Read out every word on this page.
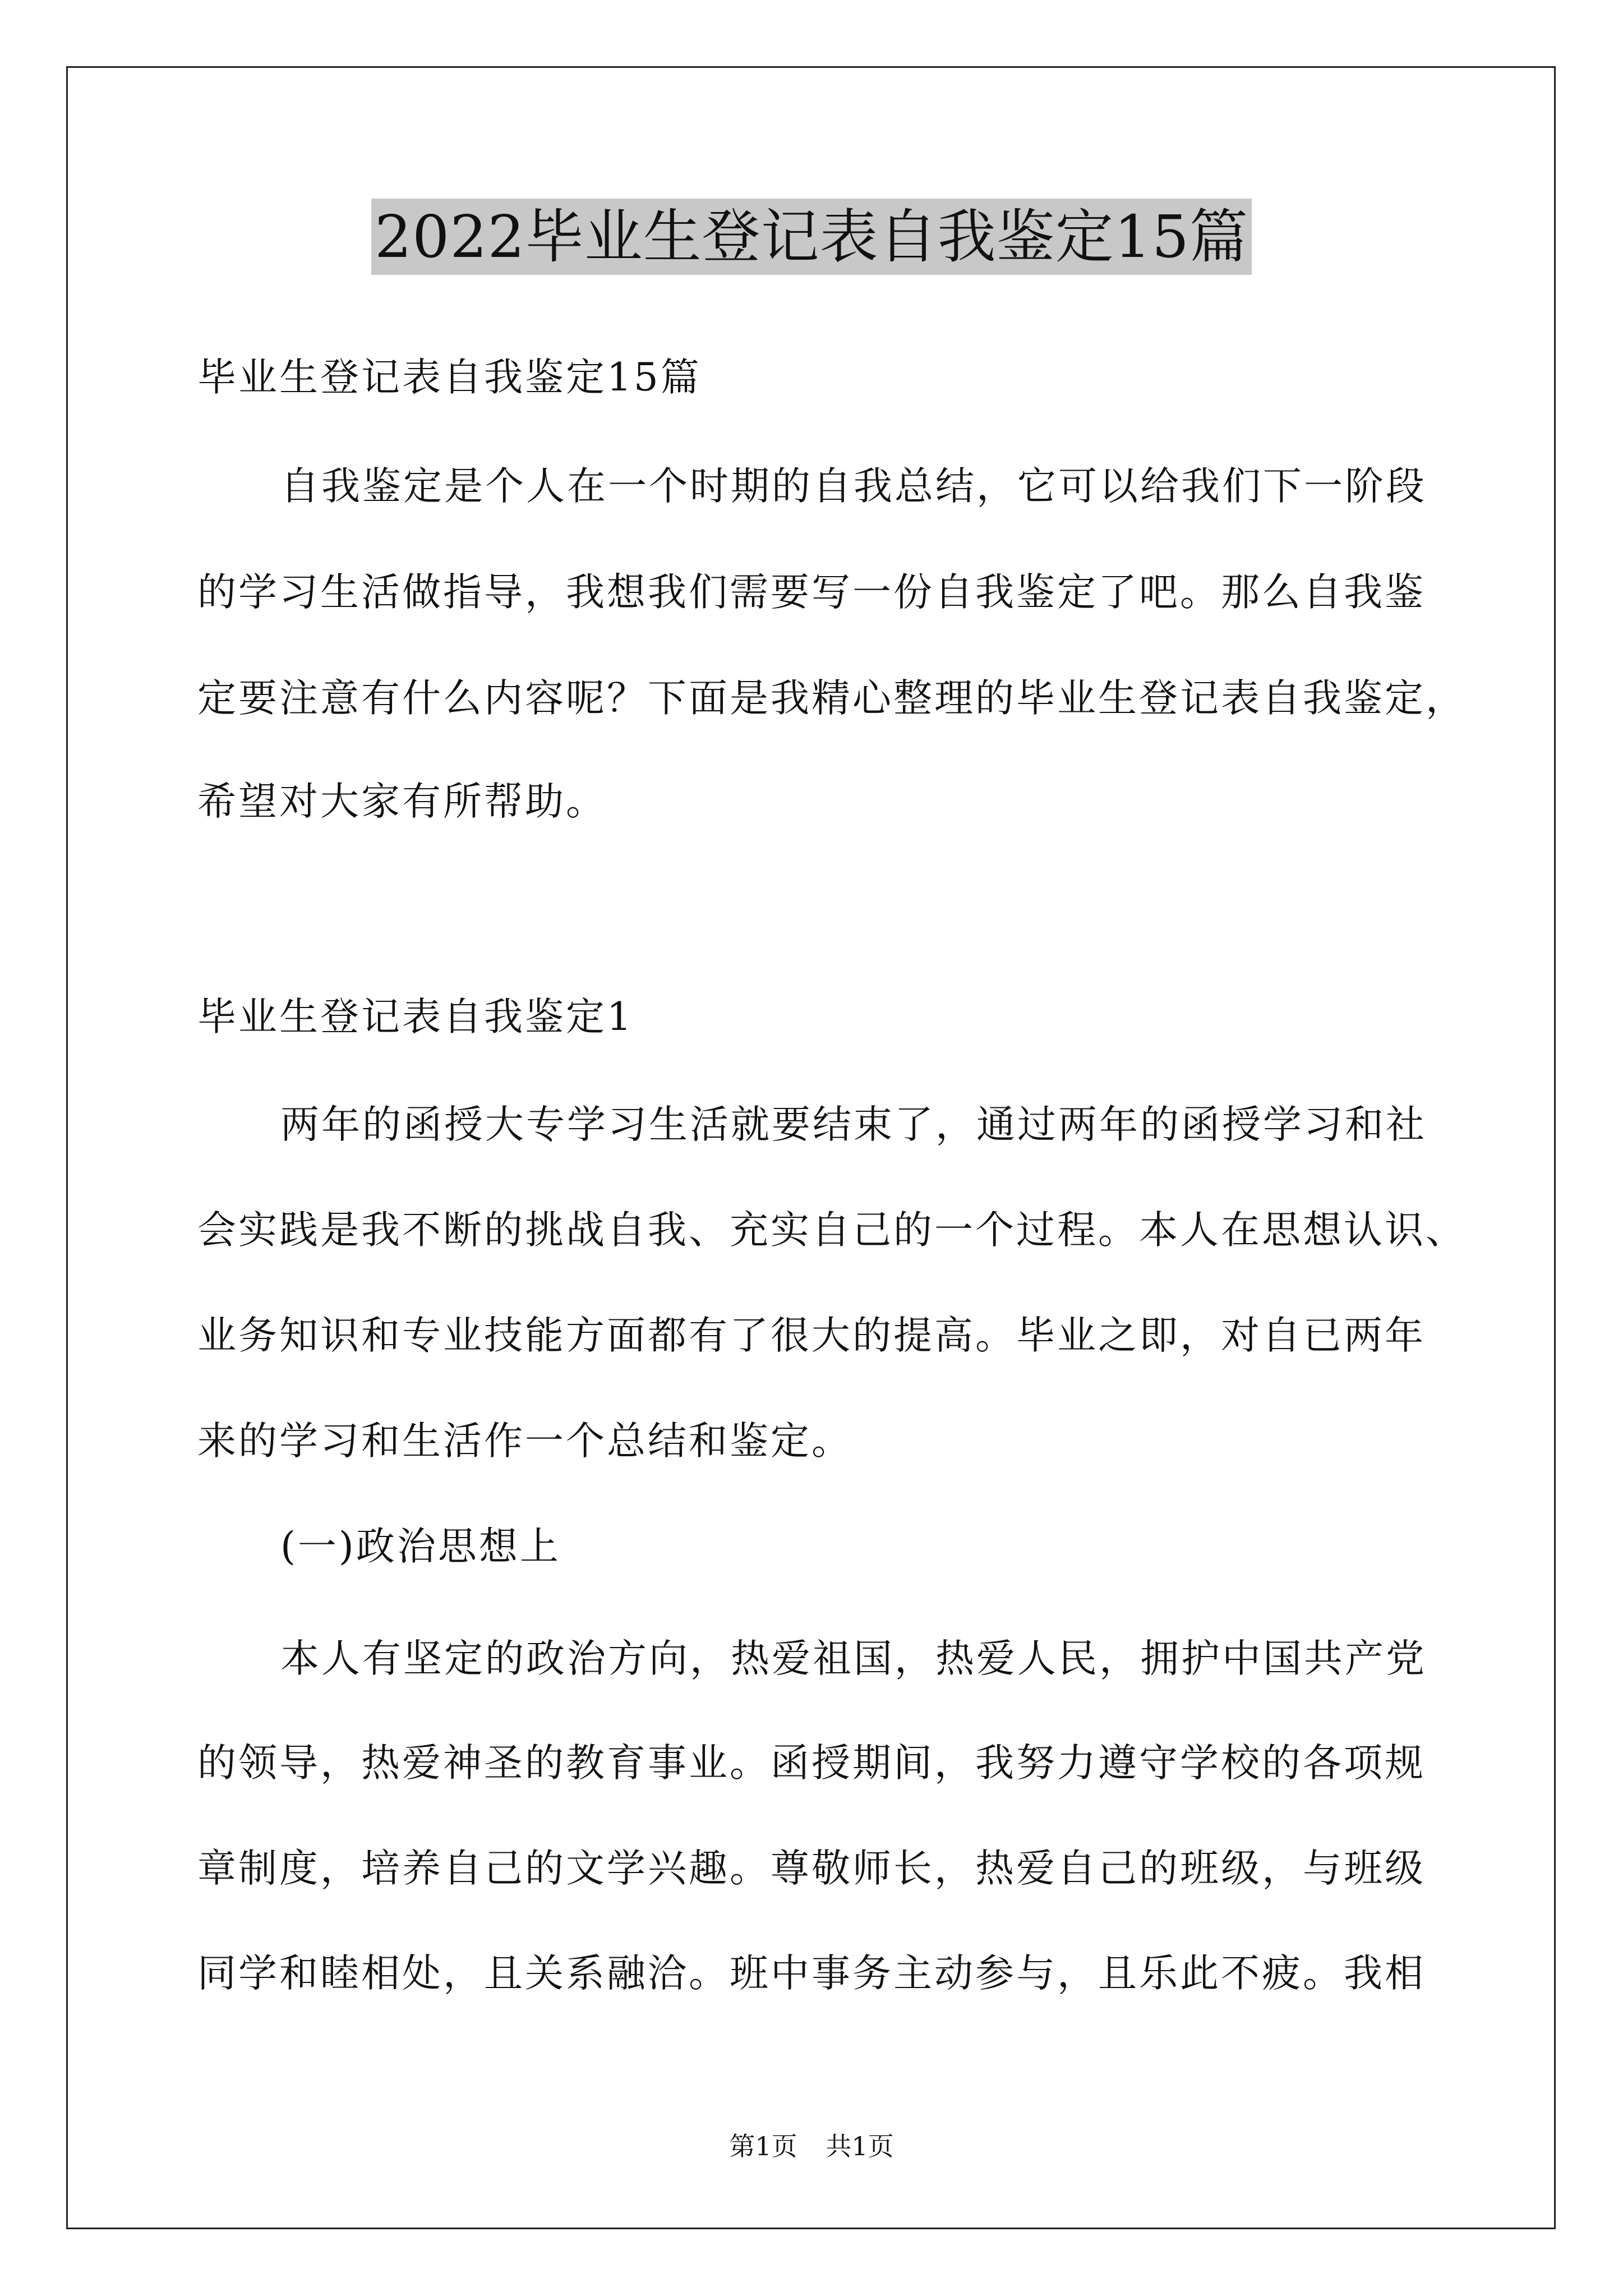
2022毕业生登记表自我鉴定15篇
毕业生登记表自我鉴定15篇
自我鉴定是个人在一个时期的自我总结，它可以给我们下一阶段
的学习生活做指导，我想我们需要写一份自我鉴定了吧。那么自我鉴
定要注意有什么内容呢？下面是我精心整理的毕业生登记表自我鉴定，
希望对大家有所帮助。
毕业生登记表自我鉴定1
两年的函授大专学习生活就要结束了，通过两年的函授学习和社
会实践是我不断的挑战自我、充实自己的一个过程。本人在思想认识、
业务知识和专业技能方面都有了很大的提高。毕业之即，对自已两年
来的学习和生活作一个总结和鉴定。
(一)政治思想上
本人有坚定的政治方向，热爱祖国，热爱人民，拥护中国共产党
的领导，热爱神圣的教育事业。函授期间，我努力遵守学校的各项规
章制度，培养自己的文学兴趣。尊敬师长，热爱自己的班级，与班级
同学和睦相处，且关系融洽。班中事务主动参与，且乐此不疲。我相
第1页 共1页
